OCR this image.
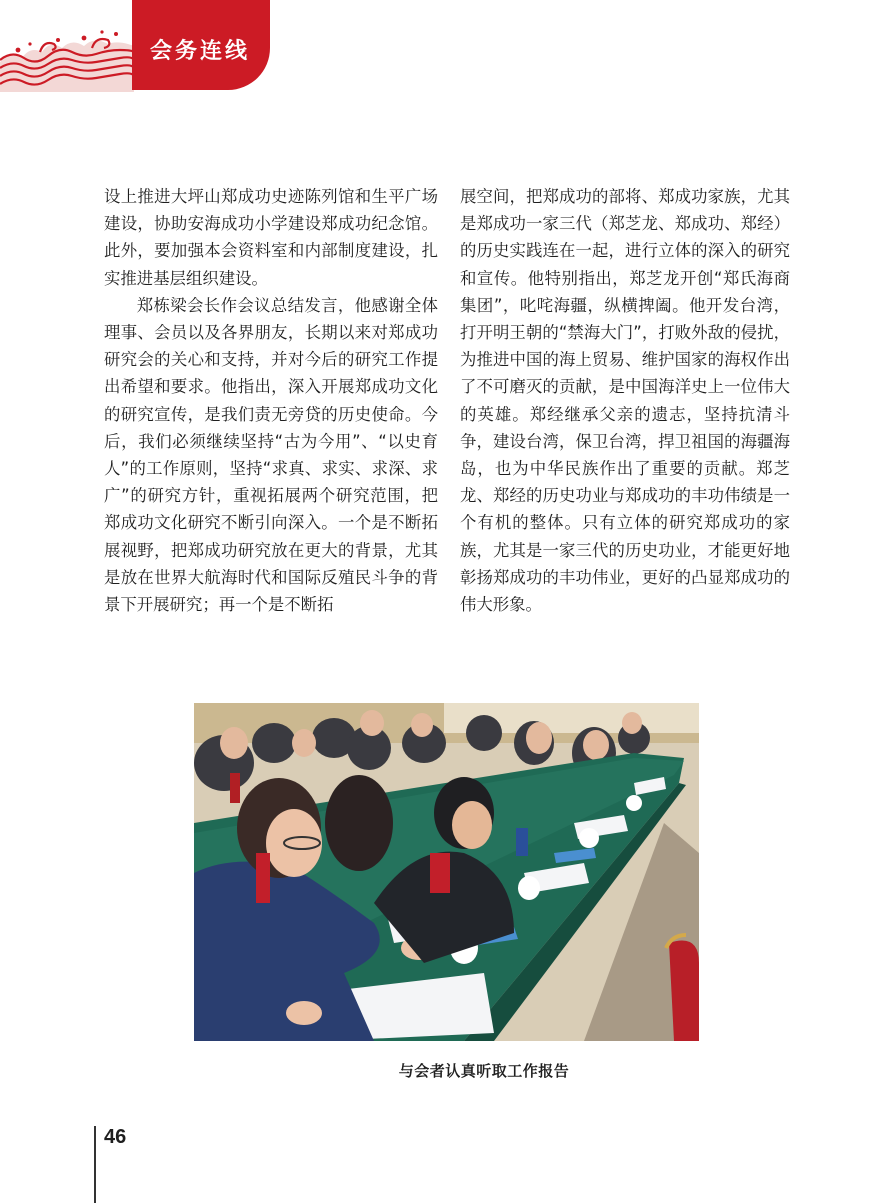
会务连线

设上推进大坪山郑成功史迹陈列馆和生平广场建设，协助安海成功小学建设郑成功纪念馆。此外，要加强本会资料室和内部制度建设，扎实推进基层组织建设。

郑栋梁会长作会议总结发言，他感谢全体理事、会员以及各界朋友，长期以来对郑成功研究会的关心和支持，并对今后的研究工作提出希望和要求。他指出，深入开展郑成功文化的研究宣传，是我们责无旁贷的历史使命。今后，我们必须继续坚持“古为今用”、“以史育人”的工作原则，坚持“求真、求实、求深、求广”的研究方针，重视拓展两个研究范围，把郑成功文化研究不断引向深入。一个是不断拓展视野，把郑成功研究放在更大的背景，尤其是放在世界大航海时代和国际反殖民斗争的背景下开展研究；再一个是不断拓

展空间，把郑成功的部将、郑成功家族，尤其是郑成功一家三代（郑芝龙、郑成功、郑经）的历史实践连在一起，进行立体的深入的研究和宣传。他特别指出，郑芝龙开创“郑氏海商集团”，叱咤海疆，纵横捭阖。他开发台湾，打开明王朝的“禁海大门”，打败外敌的侵扰，为推进中国的海上贸易、维护国家的海权作出了不可磨灭的贡献，是中国海洋史上一位伟大的英雄。郑经继承父亲的遗志，坚持抗清斗争，建设台湾，保卫台湾，捍卫祖国的海疆海岛，也为中华民族作出了重要的贡献。郑芝龙、郑经的历史功业与郑成功的丰功伟绩是一个有机的整体。只有立体的研究郑成功的家族，尤其是一家三代的历史功业，才能更好地彰扬郑成功的丰功伟业，更好的凸显郑成功的伟大形象。

与会者认真听取工作报告
46
